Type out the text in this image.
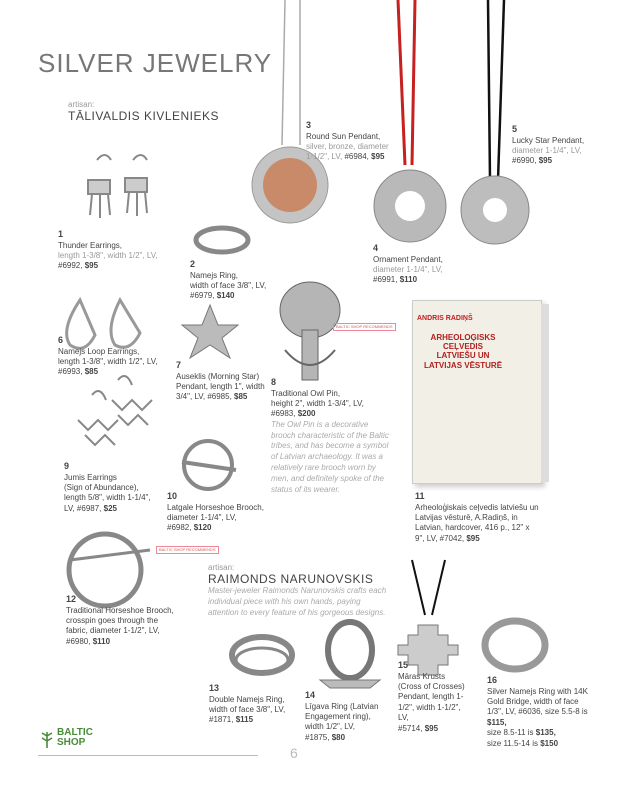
SILVER JEWELRY
artisan:
TĀLIVALDIS KIVLENIEKS
ANDRIS RADIŅŠ
ARHEOLOĢISKS CEĻVEDIS LATVIEŠU UN LATVIJAS VĒSTURĒ
BALTIC SHOP RECOMMENDS
BALTIC SHOP RECOMMENDS
1
Thunder Earrings,
length 1-3/8", width 1/2", LV,
#6992, $95	2
Namejs Ring,
width of face 3/8", LV,
#6979, $140
3
Round Sun Pendant,
silver, bronze, diameter 1-1/2", LV, #6984, $95
4
Ornament Pendant,
diameter 1-1/4", LV,
#6991, $110
5
Lucky Star Pendant,
diameter 1-1/4", LV,
#6990, $95
6
Namejs Loop Earrings,
length 1-3/8", width 1/2", LV,
#6993, $85
7
Auseklis (Morning Star)
Pendant, length 1", width 3/4", LV, #6985, $85
8
Traditional Owl Pin,
height 2", width 1-3/4", LV,
#6983, $200
The Owl Pin is a decorative brooch characteristic of the Baltic tribes, and has become a symbol of Latvian archaeology. It was a relatively rare brooch worn by men, and definitely spoke of the status of its wearer.
9
Jumis Earrings
(Sign of Abundance), length 5/8", width 1-1/4", LV, #6987, $25
10
Latgale Horseshoe Brooch,
diameter 1-1/4", LV,
#6982, $120
11
Arheoloģiskais ceļvedis latviešu un Latvijas vēsturē, A.Radiņš, in Latvian, hardcover, 416 p., 12" x 9", LV, #7042, $95
12
Traditional Horseshoe Brooch,
crosspin goes through the fabric, diameter 1-1/2", LV, #6980, $110
artisan:
RAIMONDS NARUNOVSKIS
Master-jeweler Raimonds Narunovskis crafts each individual piece with his own hands, paying attention to every feature of his gorgeous designs.
13
Double Namejs Ring,
width of face 3/8", LV,
#1871, $115
14
Līgava Ring (Latvian Engagement ring), width 1/2", LV,
#1875, $80
15
Māras Krusts (Cross of Crosses) Pendant, length 1-1/2", width 1-1/2", LV,
#5714, $95
16
Silver Namejs Ring with 14K Gold Bridge, width of face 1/3", LV, #6036, size 5.5-8 is $115,
size 8.5-11 is $135,
size 11.5-14 is $150
BALTIC
SHOP
6
